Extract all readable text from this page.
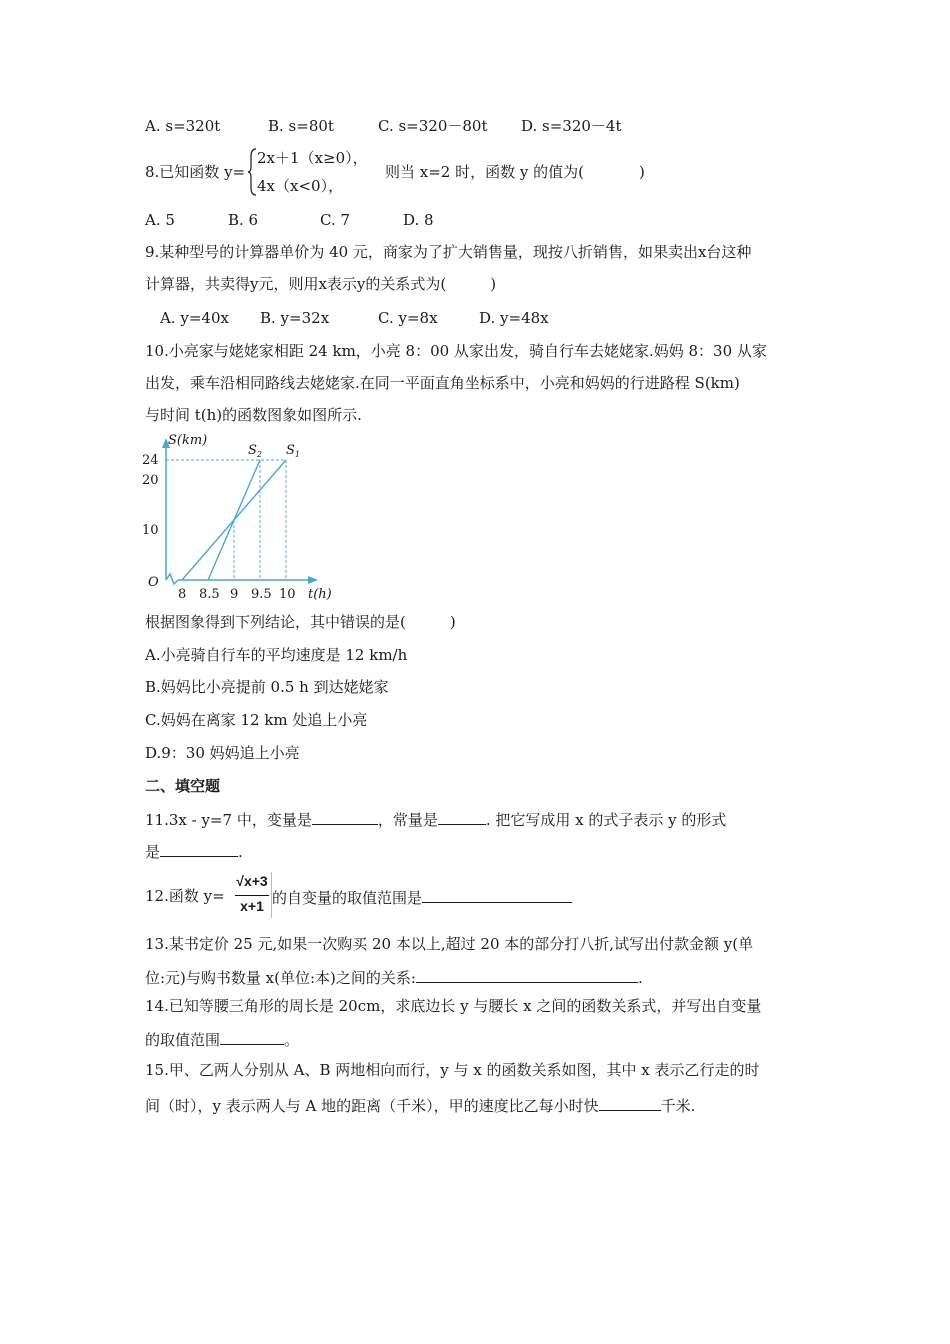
A. s=320t	B. s=80t	C. s=320－80t D. s=320－4t
8.已知函数 y=
2x＋1（x≥0），
4x（x<0），
则当 x=2 时，函数 y 的值为(	)
A. 5	B. 6	C. 7	D. 8
9.某种型号的计算器单价为 40 元，商家为了扩大销售量，现按八折销售，如果卖出x台这种
计算器，共卖得y元，则用x表示y的关系式为(	)
A. y=40x B. y=32x	C. y=8x	D. y=48x
10.小亮家与姥姥家相距 24 km，小亮 8：00 从家出发，骑自行车去姥姥家.妈妈 8：30 从家
出发，乘车沿相同路线去姥姥家.在同一平面直角坐标系中，小亮和妈妈的行进路程 S(km)
与时间 t(h)的函数图象如图所示.
S(km)
t(h)
O
10
20
24
8 8.5 9 9.5 10
$S_1$
$S_2$
根据图象得到下列结论，其中错误的是(	)
A.小亮骑自行车的平均速度是 12 km/h
B.妈妈比小亮提前 0.5 h 到达姥姥家
C.妈妈在离家 12 km 处追上小亮
D.9：30 妈妈追上小亮
二、填空题
11.3x - y=7 中，变量是	，常量是	. 把它写成用 x 的式子表示 y 的形式
是	.
12.函数 y=
√x+3
x+1 的自变量的取值范围是
13.某书定价 25 元,如果一次购买 20 本以上,超过 20 本的部分打八折,试写出付款金额 y(单
位:元)与购书数量 x(单位:本)之间的关系:	.
14.已知等腰三角形的周长是 20cm，求底边长 y 与腰长 x 之间的函数关系式，并写出自变量
的取值范围	。
15.甲、乙两人分别从 A、B 两地相向而行，y 与 x 的函数关系如图，其中 x 表示乙行走的时
间（时），y 表示两人与 A 地的距离（千米），甲的速度比乙每小时快	千米.
